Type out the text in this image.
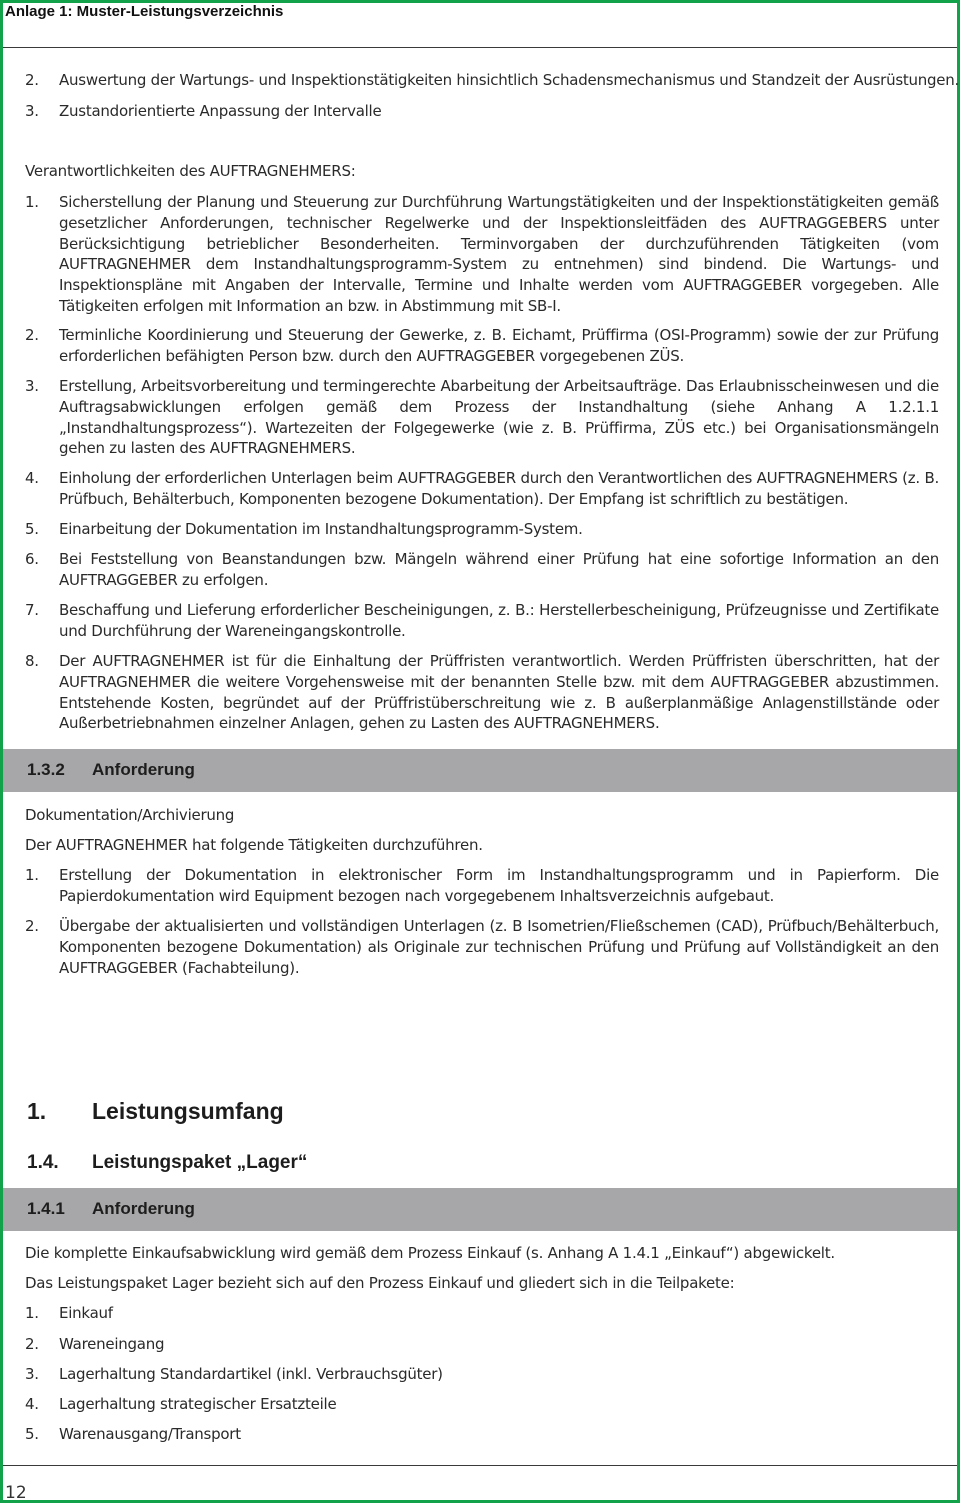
Anlage 1: Muster-Leistungsverzeichnis
2.	Auswertung der Wartungs- und Inspektionstätigkeiten hinsichtlich Schadensmechanismus und Standzeit der Ausrüstungen.
3.	Zustandorientierte Anpassung der Intervalle

Verantwortlichkeiten des AUFTRAGNEHMERS:

1.	Sicherstellung der Planung und Steuerung zur Durchführung Wartungstätigkeiten und der Inspektionstätigkeiten gemäß gesetzlicher Anforderungen, technischer Regelwerke und der Inspektionsleitfäden des AUFTRAGGEBERS unter Berücksichtigung betrieblicher Besonderheiten. Terminvorgaben der durchzuführenden Tätigkeiten (vom AUFTRAGNEHMER dem Instandhaltungsprogramm-System zu entnehmen) sind bindend. Die Wartungs- und Inspektionspläne mit Angaben der Intervalle, Termine und Inhalte werden vom AUFTRAGGEBER vorgegeben. Alle Tätigkeiten erfolgen mit Information an bzw. in Abstimmung mit SB-I.
2.	Terminliche Koordinierung und Steuerung der Gewerke, z. B. Eichamt, Prüffirma (OSI-Programm) sowie der zur Prüfung erforderlichen befähigten Person bzw. durch den AUFTRAGGEBER vorgegebenen ZÜS.
3.	Erstellung, Arbeitsvorbereitung und termingerechte Abarbeitung der Arbeitsaufträge. Das Erlaubnisscheinwesen und die Auftragsabwicklungen erfolgen gemäß dem Prozess der Instandhaltung (siehe Anhang A 1.2.1.1 „Instandhaltungsprozess“). Wartezeiten der Folgegewerke (wie z. B. Prüffirma, ZÜS etc.) bei Organisationsmängeln gehen zu lasten des AUFTRAGNEHMERS.
4.	Einholung der erforderlichen Unterlagen beim AUFTRAGGEBER durch den Verantwortlichen des AUFTRAGNEHMERS (z. B. Prüfbuch, Behälterbuch, Komponenten bezogene Dokumentation). Der Empfang ist schriftlich zu bestätigen.
5.	Einarbeitung der Dokumentation im Instandhaltungsprogramm-System.
6.	Bei Feststellung von Beanstandungen bzw. Mängeln während einer Prüfung hat eine sofortige Information an den AUFTRAGGEBER zu erfolgen.
7.	Beschaffung und Lieferung erforderlicher Bescheinigungen, z. B.: Herstellerbescheinigung, Prüfzeugnisse und Zertifikate und Durchführung der Wareneingangskontrolle.
8.	Der AUFTRAGNEHMER ist für die Einhaltung der Prüffristen verantwortlich. Werden Prüffristen überschritten, hat der AUFTRAGNEHMER die weitere Vorgehensweise mit der benannten Stelle bzw. mit dem AUFTRAGGEBER abzustimmen. Entstehende Kosten, begründet auf der Prüffristüberschreitung wie z. B außerplanmäßige Anlagenstillstände oder Außerbetriebnahmen einzelner Anlagen, gehen zu Lasten des AUFTRAGNEHMERS.
1.3.2 Anforderung

Dokumentation/Archivierung

Der AUFTRAGNEHMER hat folgende Tätigkeiten durchzuführen.

1.	Erstellung der Dokumentation in elektronischer Form im Instandhaltungsprogramm und in Papierform. Die Papierdokumentation wird Equipment bezogen nach vorgegebenem Inhaltsverzeichnis aufgebaut.
2.	Übergabe der aktualisierten und vollständigen Unterlagen (z. B Isometrien/Fließschemen (CAD), Prüfbuch/Behälterbuch, Komponenten bezogene Dokumentation) als Originale zur technischen Prüfung und Prüfung auf Vollständigkeit an den AUFTRAGGEBER (Fachabteilung).
1. Leistungsumfang
1.4. Leistungspaket „Lager“
1.4.1 Anforderung

Die komplette Einkaufsabwicklung wird gemäß dem Prozess Einkauf (s. Anhang A 1.4.1 „Einkauf“) abgewickelt.

Das Leistungspaket Lager bezieht sich auf den Prozess Einkauf und gliedert sich in die Teilpakete:

1.	Einkauf
2.	Wareneingang
3.	Lagerhaltung Standardartikel (inkl. Verbrauchsgüter)
4.	Lagerhaltung strategischer Ersatzteile
5.	Warenausgang/Transport
12
